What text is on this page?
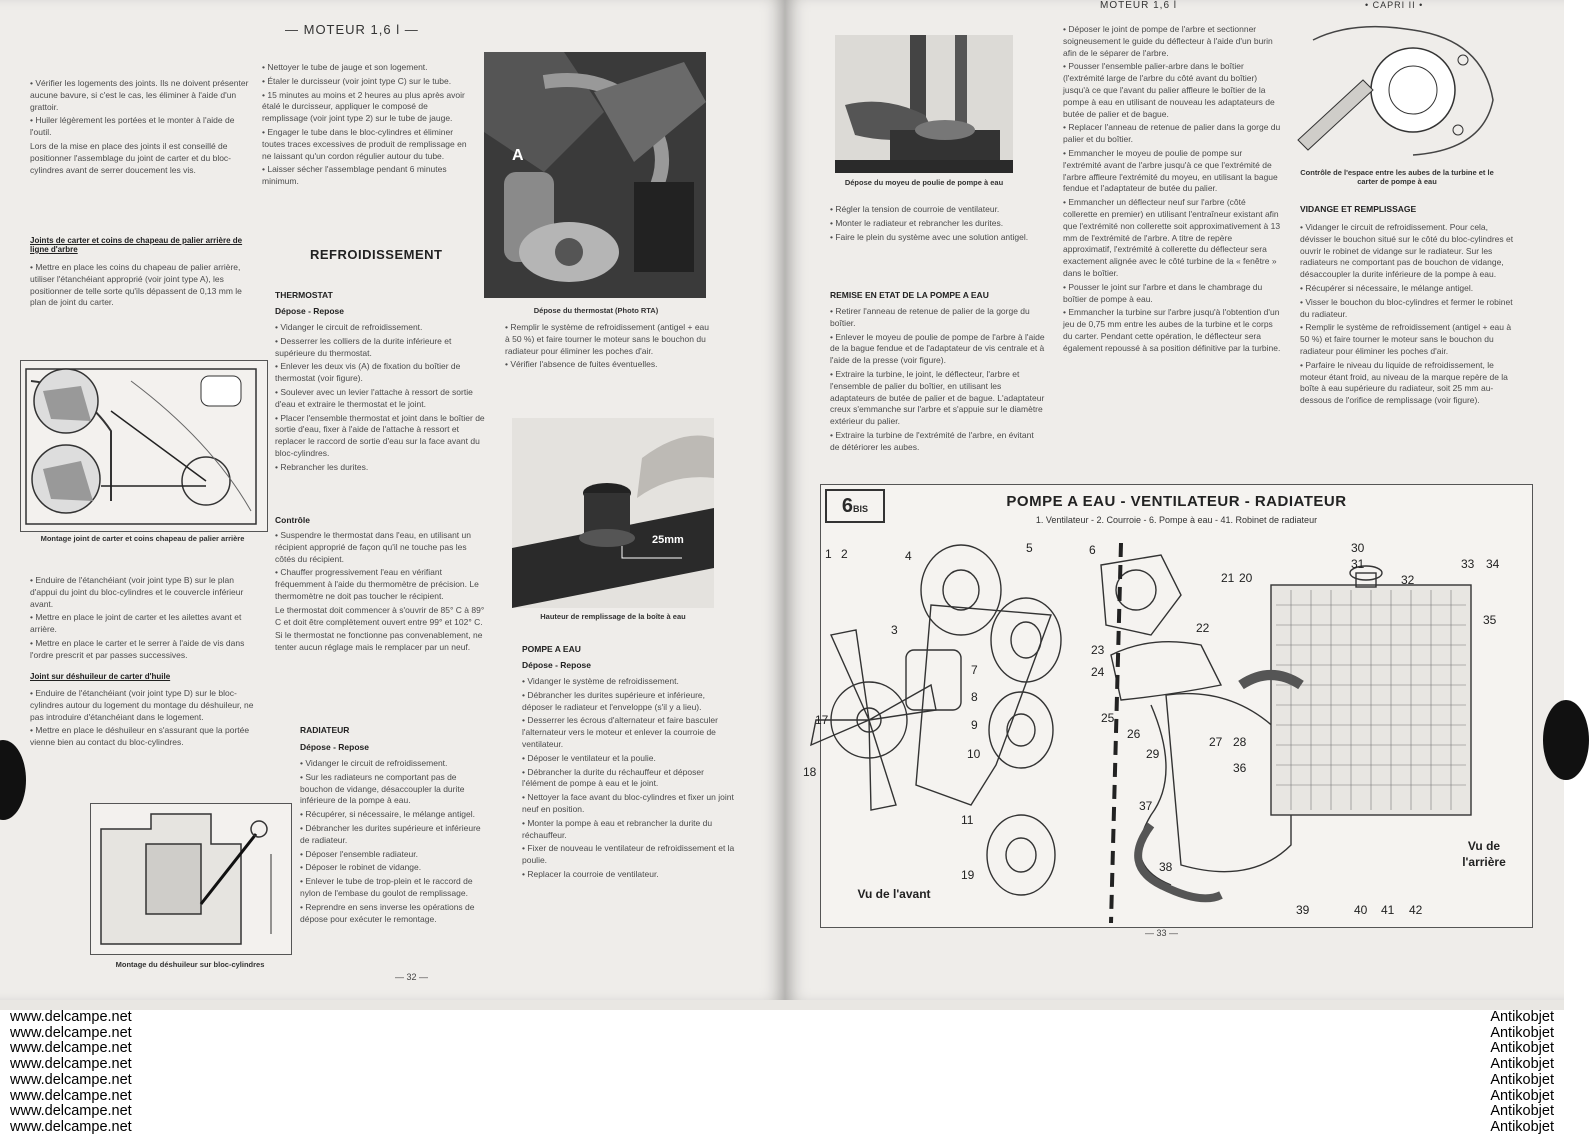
— MOTEUR 1,6 l —

• Vérifier les logements des joints. Ils ne doivent présenter aucune bavure, si c'est le cas, les éliminer à l'aide d'un grattoir.

• Huiler légèrement les portées et le monter à l'aide de l'outil.

Lors de la mise en place des joints il est conseillé de positionner l'assemblage du joint de carter et du bloc-cylindres avant de serrer doucement les vis.

Joints de carter et coins de chapeau de palier arrière de ligne d'arbre

• Mettre en place les coins du chapeau de palier arrière, utiliser l'étanchéiant approprié (voir joint type A), les positionner de telle sorte qu'ils dépassent de 0,13 mm le plan de joint du carter.

Montage joint de carter et coins chapeau de palier arrière

• Enduire de l'étanchéiant (voir joint type B) sur le plan d'appui du joint du bloc-cylindres et le couvercle inférieur avant.

• Mettre en place le joint de carter et les ailettes avant et arrière.

• Mettre en place le carter et le serrer à l'aide de vis dans l'ordre prescrit et par passes successives.

Joint sur déshuileur de carter d'huile

• Enduire de l'étanchéiant (voir joint type D) sur le bloc-cylindres autour du logement du montage du déshuileur, ne pas introduire d'étanchéiant dans le logement.

• Mettre en place le déshuileur en s'assurant que la portée vienne bien au contact du bloc-cylindres.

Montage du déshuileur sur bloc-cylindres

• Nettoyer le tube de jauge et son logement.

• Étaler le durcisseur (voir joint type C) sur le tube.

• 15 minutes au moins et 2 heures au plus après avoir étalé le durcisseur, appliquer le composé de remplissage (voir joint type 2) sur le tube de jauge.

• Engager le tube dans le bloc-cylindres et éliminer toutes traces excessives de produit de remplissage en ne laissant qu'un cordon régulier autour du tube.

• Laisser sécher l'assemblage pendant 6 minutes minimum.

REFROIDISSEMENT
THERMOSTAT
Dépose - Repose

• Vidanger le circuit de refroidissement.

• Desserrer les colliers de la durite inférieure et supérieure du thermostat.

• Enlever les deux vis (A) de fixation du boîtier de thermostat (voir figure).

• Soulever avec un levier l'attache à ressort de sortie d'eau et extraire le thermostat et le joint.

• Placer l'ensemble thermostat et joint dans le boîtier de sortie d'eau, fixer à l'aide de l'attache à ressort et replacer le raccord de sortie d'eau sur la face avant du bloc-cylindres.

• Rebrancher les durites.

Contrôle

• Suspendre le thermostat dans l'eau, en utilisant un récipient approprié de façon qu'il ne touche pas les côtés du récipient.

• Chauffer progressivement l'eau en vérifiant fréquemment à l'aide du thermomètre de précision. Le thermomètre ne doit pas toucher le récipient.

Le thermostat doit commencer à s'ouvrir de 85° C à 89° C et doit être complètement ouvert entre 99° et 102° C.

Si le thermostat ne fonctionne pas convenablement, ne tenter aucun réglage mais le remplacer par un neuf.

RADIATEUR
Dépose - Repose

• Vidanger le circuit de refroidissement.

• Sur les radiateurs ne comportant pas de bouchon de vidange, désaccoupler la durite inférieure de la pompe à eau.

• Récupérer, si nécessaire, le mélange antigel.

• Débrancher les durites supérieure et inférieure de radiateur.

• Déposer l'ensemble radiateur.

• Déposer le robinet de vidange.

• Enlever le tube de trop-plein et le raccord de nylon de l'embase du goulot de remplissage.

• Reprendre en sens inverse les opérations de dépose pour exécuter le remontage.

A
Dépose du thermostat (Photo RTA)

• Remplir le système de refroidissement (antigel + eau à 50 %) et faire tourner le moteur sans le bouchon du radiateur pour éliminer les poches d'air.

• Vérifier l'absence de fuites éventuelles.

25mm
Hauteur de remplissage de la boîte à eau
POMPE A EAU
Dépose - Repose

• Vidanger le système de refroidissement.

• Débrancher les durites supérieure et inférieure, déposer le radiateur et l'enveloppe (s'il y a lieu).

• Desserrer les écrous d'alternateur et faire basculer l'alternateur vers le moteur et enlever la courroie de ventilateur.

• Déposer le ventilateur et la poulie.

• Débrancher la durite du réchauffeur et déposer l'élément de pompe à eau et le joint.

• Nettoyer la face avant du bloc-cylindres et fixer un joint neuf en position.

• Monter la pompe à eau et rebrancher la durite du réchauffeur.

• Fixer de nouveau le ventilateur de refroidissement et la poulie.

• Replacer la courroie de ventilateur.

— 32 —
MOTEUR 1,6 l	• CAPRI II •
Dépose du moyeu de poulie de pompe à eau

• Régler la tension de courroie de ventilateur.

• Monter le radiateur et rebrancher les durites.

• Faire le plein du système avec une solution antigel.

REMISE EN ETAT DE LA POMPE A EAU

• Retirer l'anneau de retenue de palier de la gorge du boîtier.

• Enlever le moyeu de poulie de pompe de l'arbre à l'aide de la bague fendue et de l'adaptateur de vis centrale et à l'aide de la presse (voir figure).

• Extraire la turbine, le joint, le déflecteur, l'arbre et l'ensemble de palier du boîtier, en utilisant les adaptateurs de butée de palier et de bague. L'adaptateur creux s'emmanche sur l'arbre et s'appuie sur le diamètre extérieur du palier.

• Extraire la turbine de l'extrémité de l'arbre, en évitant de détériorer les aubes.

• Déposer le joint de pompe de l'arbre et sectionner soigneusement le guide du déflecteur à l'aide d'un burin afin de le séparer de l'arbre.

• Pousser l'ensemble palier-arbre dans le boîtier (l'extrémité large de l'arbre du côté avant du boîtier) jusqu'à ce que l'avant du palier affleure le boîtier de la pompe à eau en utilisant de nouveau les adaptateurs de butée de palier et de bague.

• Replacer l'anneau de retenue de palier dans la gorge du palier et du boîtier.

• Emmancher le moyeu de poulie de pompe sur l'extrémité avant de l'arbre jusqu'à ce que l'extrémité de l'arbre affleure l'extrémité du moyeu, en utilisant la bague fendue et l'adaptateur de butée du palier.

• Emmancher un déflecteur neuf sur l'arbre (côté collerette en premier) en utilisant l'entraîneur existant afin que l'extrémité non collerette soit approximativement à 13 mm de l'extrémité de l'arbre. A titre de repère approximatif, l'extrémité à collerette du déflecteur sera exactement alignée avec le côté turbine de la « fenêtre » dans le boîtier.

• Pousser le joint sur l'arbre et dans le chambrage du boîtier de pompe à eau.

• Emmancher la turbine sur l'arbre jusqu'à l'obtention d'un jeu de 0,75 mm entre les aubes de la turbine et le corps du carter. Pendant cette opération, le déflecteur sera également repoussé à sa position définitive par la turbine.

Contrôle de l'espace entre les aubes de la turbine et le carter de pompe à eau
VIDANGE ET REMPLISSAGE

• Vidanger le circuit de refroidissement. Pour cela, dévisser le bouchon situé sur le côté du bloc-cylindres et ouvrir le robinet de vidange sur le radiateur. Sur les radiateurs ne comportant pas de bouchon de vidange, désaccoupler la durite inférieure de la pompe à eau.

• Récupérer si nécessaire, le mélange antigel.

• Visser le bouchon du bloc-cylindres et fermer le robinet du radiateur.

• Remplir le système de refroidissement (antigel + eau à 50 %) et faire tourner le moteur sans le bouchon du radiateur pour éliminer les poches d'air.

• Parfaire le niveau du liquide de refroidissement, le moteur étant froid, au niveau de la marque repère de la boîte à eau supérieure du radiateur, soit 25 mm au-dessous de l'orifice de remplissage (voir figure).

— 33 —
6BIS	POMPE A EAU - VENTILATEUR - RADIATEUR
1. Ventilateur - 2. Courroie - 6. Pompe à eau - 41. Robinet de radiateur
1 2	4
5	6
3
7
8
9
10
11
17
18
19
23
24
25
26
29
22
21 20
30
31
32
33 34
35
27 28
36
37
38
39	40 41 42
Vu de l'avant
Vu de
l'arrière
www.delcampe.net
www.delcampe.net
www.delcampe.net
www.delcampe.net
www.delcampe.net
www.delcampe.net
www.delcampe.net
www.delcampe.net
Antikobjet
Antikobjet
Antikobjet
Antikobjet
Antikobjet
Antikobjet
Antikobjet
Antikobjet
